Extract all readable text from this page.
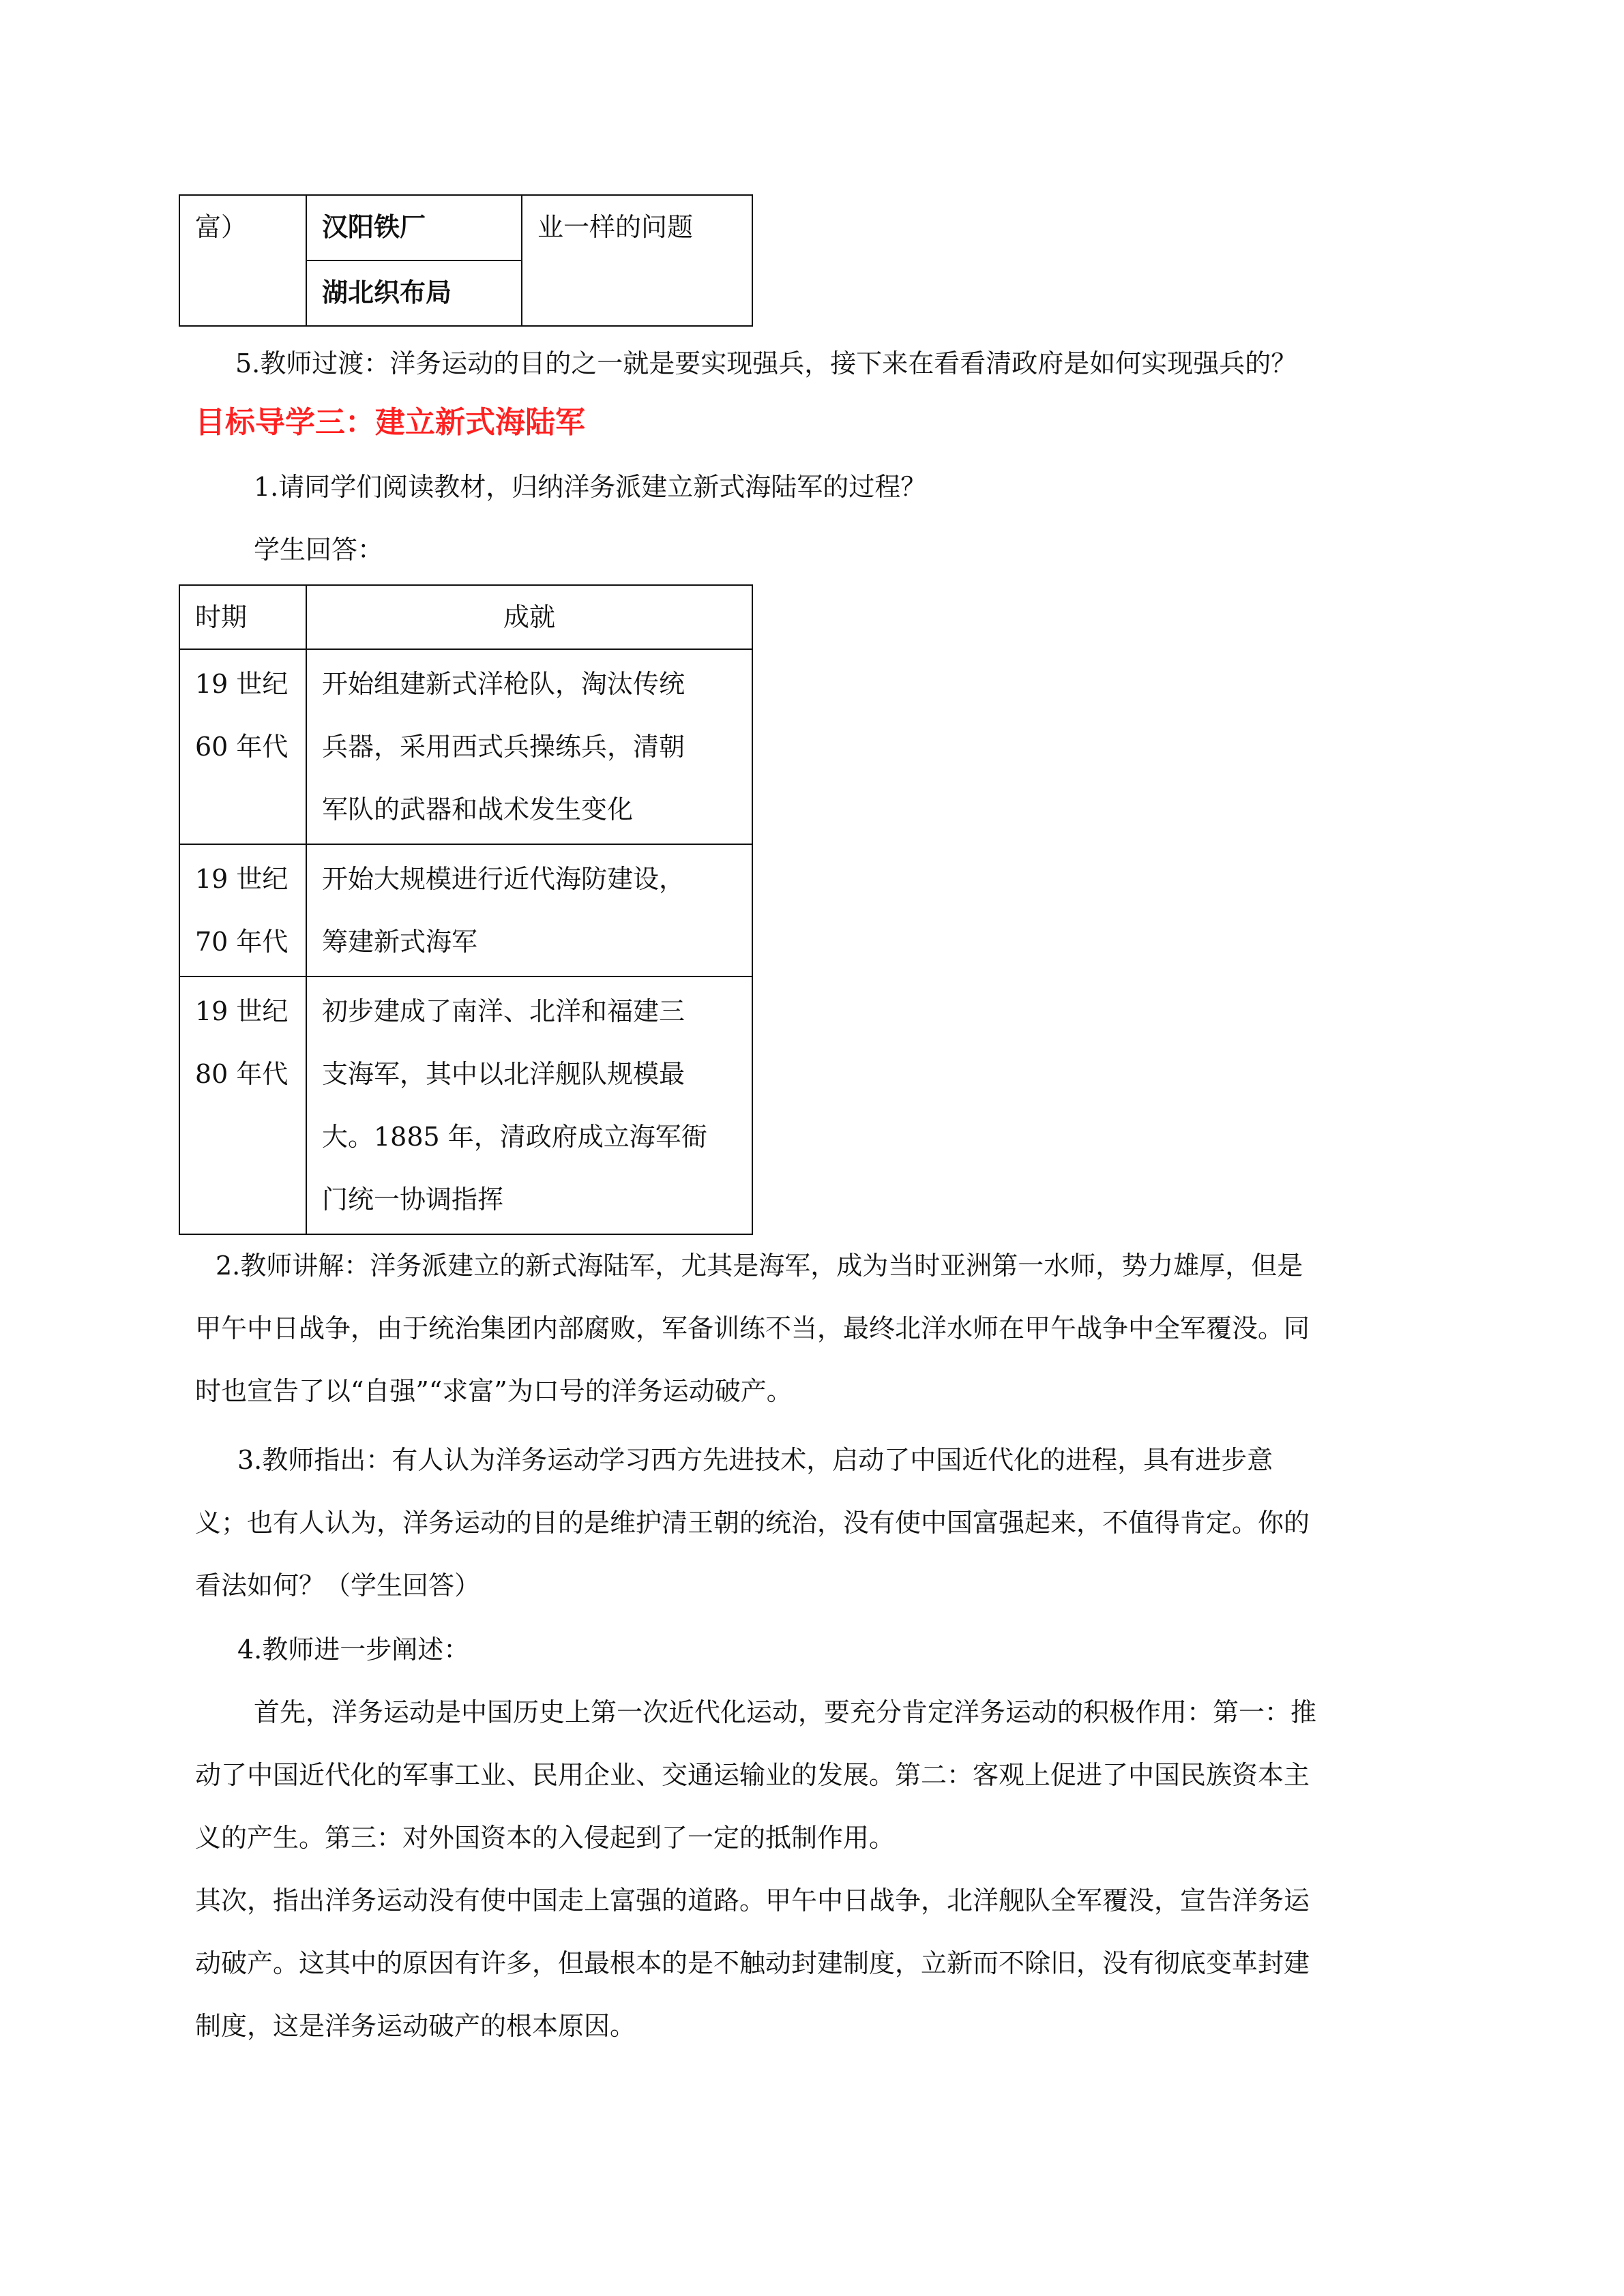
富）	汉阳铁厂	业一样的问题
湖北织布局

5.教师过渡：洋务运动的目的之一就是要实现强兵，接下来在看看清政府是如何实现强兵的？

目标导学三：建立新式海陆军

1.请同学们阅读教材，归纳洋务派建立新式海陆军的过程？

学生回答：

时期	成就

19 世纪
60 年代	开始组建新式洋枪队，淘汰传统
兵器，采用西式兵操练兵，清朝
军队的武器和战术发生变化

19 世纪
70 年代	开始大规模进行近代海防建设，
筹建新式海军

19 世纪
80 年代	初步建成了南洋、北洋和福建三
支海军，其中以北洋舰队规模最
大。1885 年，清政府成立海军衙
门统一协调指挥
2.教师讲解：洋务派建立的新式海陆军，尤其是海军，成为当时亚洲第一水师，势力雄厚，但是
甲午中日战争，由于统治集团内部腐败，军备训练不当，最终北洋水师在甲午战争中全军覆没。同
时也宣告了以“自强”“求富”为口号的洋务运动破产。
3.教师指出：有人认为洋务运动学习西方先进技术，启动了中国近代化的进程，具有进步意
义；也有人认为，洋务运动的目的是维护清王朝的统治，没有使中国富强起来，不值得肯定。你的
看法如何？（学生回答）

4.教师进一步阐述：

首先，洋务运动是中国历史上第一次近代化运动，要充分肯定洋务运动的积极作用：第一：推
动了中国近代化的军事工业、民用企业、交通运输业的发展。第二：客观上促进了中国民族资本主
义的产生。第三：对外国资本的入侵起到了一定的抵制作用。
其次，指出洋务运动没有使中国走上富强的道路。甲午中日战争，北洋舰队全军覆没，宣告洋务运
动破产。这其中的原因有许多，但最根本的是不触动封建制度，立新而不除旧，没有彻底变革封建
制度，这是洋务运动破产的根本原因。
